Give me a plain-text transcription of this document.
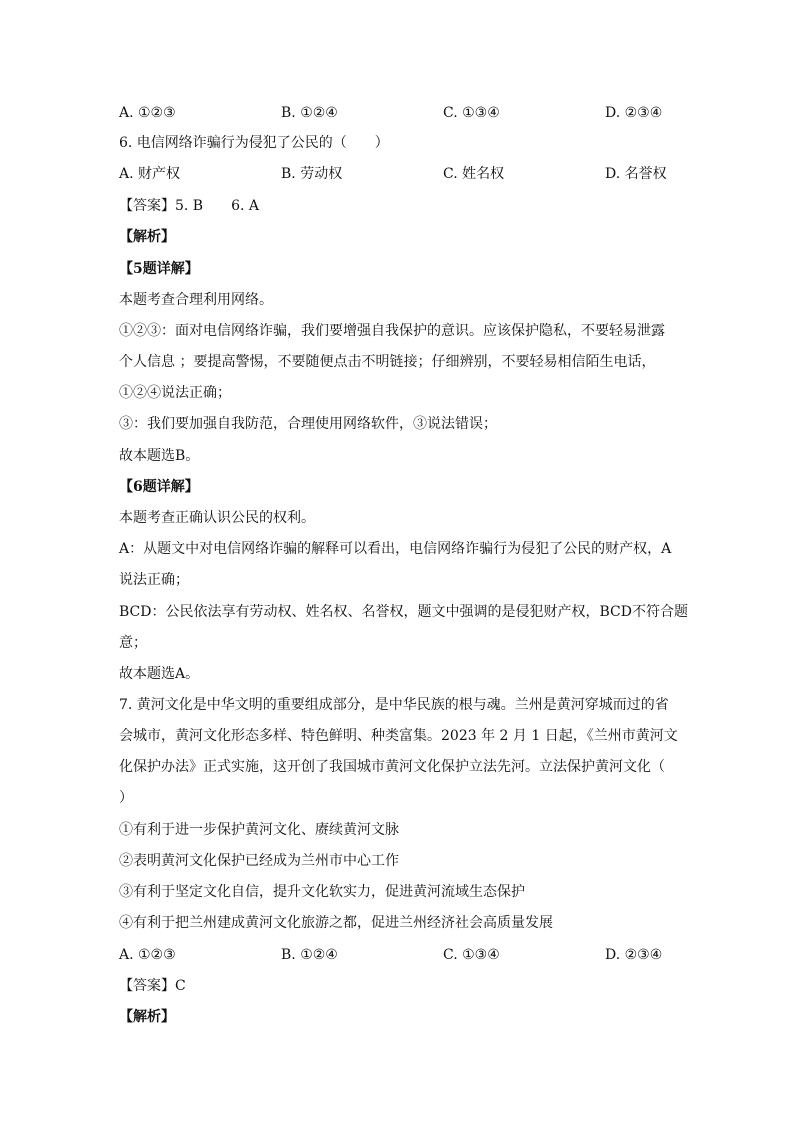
A. ①②③	B. ①②④	C. ①③④	D. ②③④
6. 电信网络诈骗行为侵犯了公民的（　　）
A. 财产权	B. 劳动权	C. 姓名权	D. 名誉权
【答案】5. B　　6. A
【解析】
【5题详解】
本题考查合理利用网络。
①②③：面对电信网络诈骗，我们要增强自我保护的意识。应该保护隐私，不要轻易泄露
个人信息 ；要提高警惕，不要随便点击不明链接；仔细辨别，不要轻易相信陌生电话，
①②④说法正确；
③：我们要加强自我防范，合理使用网络软件，③说法错误；
故本题选B。
【6题详解】
本题考查正确认识公民的权利。
A：从题文中对电信网络诈骗的解释可以看出，电信网络诈骗行为侵犯了公民的财产权，A
说法正确；
BCD：公民依法享有劳动权、姓名权、名誉权，题文中强调的是侵犯财产权，BCD不符合题
意；
故本题选A。
7. 黄河文化是中华文明的重要组成部分，是中华民族的根与魂。兰州是黄河穿城而过的省
会城市，黄河文化形态多样、特色鲜明、种类富集。2023 年 2 月 1 日起，《兰州市黄河文
化保护办法》正式实施，这开创了我国城市黄河文化保护立法先河。立法保护黄河文化（
）
①有利于进一步保护黄河文化、赓续黄河文脉
②表明黄河文化保护已经成为兰州市中心工作
③有利于坚定文化自信，提升文化软实力，促进黄河流域生态保护
④有利于把兰州建成黄河文化旅游之都，促进兰州经济社会高质量发展
A. ①②③	B. ①②④	C. ①③④	D. ②③④
【答案】C
【解析】
